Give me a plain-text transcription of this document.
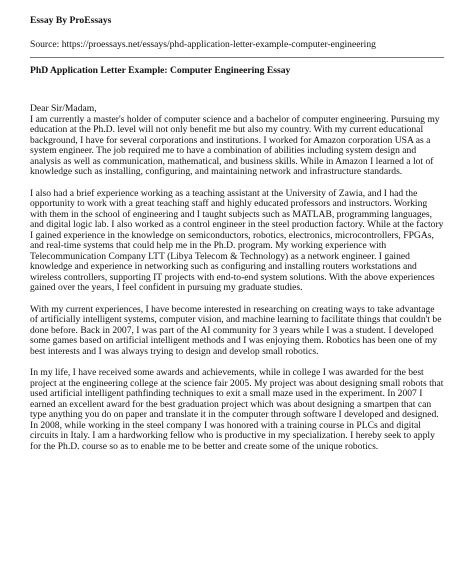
Essay By ProEssays
Source: https://proessays.net/essays/phd-application-letter-example-computer-engineering
PhD Application Letter Example: Computer Engineering Essay

Dear Sir/Madam,

I am currently a master's holder of computer science and a bachelor of computer engineering. Pursuing my education at the Ph.D. level will not only benefit me but also my country. With my current educational background, I have for several corporations and institutions. I worked for Amazon corporation USA as a system engineer. The job required me to have a combination of abilities including system design and analysis as well as communication, mathematical, and business skills. While in Amazon I learned a lot of knowledge such as installing, configuring, and maintaining network and infrastructure standards.

I also had a brief experience working as a teaching assistant at the University of Zawia, and I had the opportunity to work with a great teaching staff and highly educated professors and instructors. Working with them in the school of engineering and I taught subjects such as MATLAB, programming languages, and digital logic lab. I also worked as a control engineer in the steel production factory. While at the factory I gained experience in the knowledge on semiconductors, robotics, electronics, microcontrollers, FPGAs, and real-time systems that could help me in the Ph.D. program. My working experience with Telecommunication Company LTT (Libya Telecom & Technology) as a network engineer. I gained knowledge and experience in networking such as configuring and installing routers workstations and wireless controllers, supporting IT projects with end-to-end system solutions. With the above experiences gained over the years, I feel confident in pursuing my graduate studies.

With my current experiences, I have become interested in researching on creating ways to take advantage of artificially intelligent systems, computer vision, and machine learning to facilitate things that couldn't be done before. Back in 2007, I was part of the AI community for 3 years while I was a student. I developed some games based on artificial intelligent methods and I was enjoying them. Robotics has been one of my best interests and I was always trying to design and develop small robotics.

In my life, I have received some awards and achievements, while in college I was awarded for the best project at the engineering college at the science fair 2005. My project was about designing small robots that used artificial intelligent pathfinding techniques to exit a small maze used in the experiment. In 2007 I earned an excellent award for the best graduation project which was about designing a smartpen that can type anything you do on paper and translate it in the computer through software I developed and designed. In 2008, while working in the steel company I was honored with a training course in PLCs and digital circuits in Italy. I am a hardworking fellow who is productive in my specialization. I hereby seek to apply for the Ph.D. course so as to enable me to be better and create some of the unique robotics.
